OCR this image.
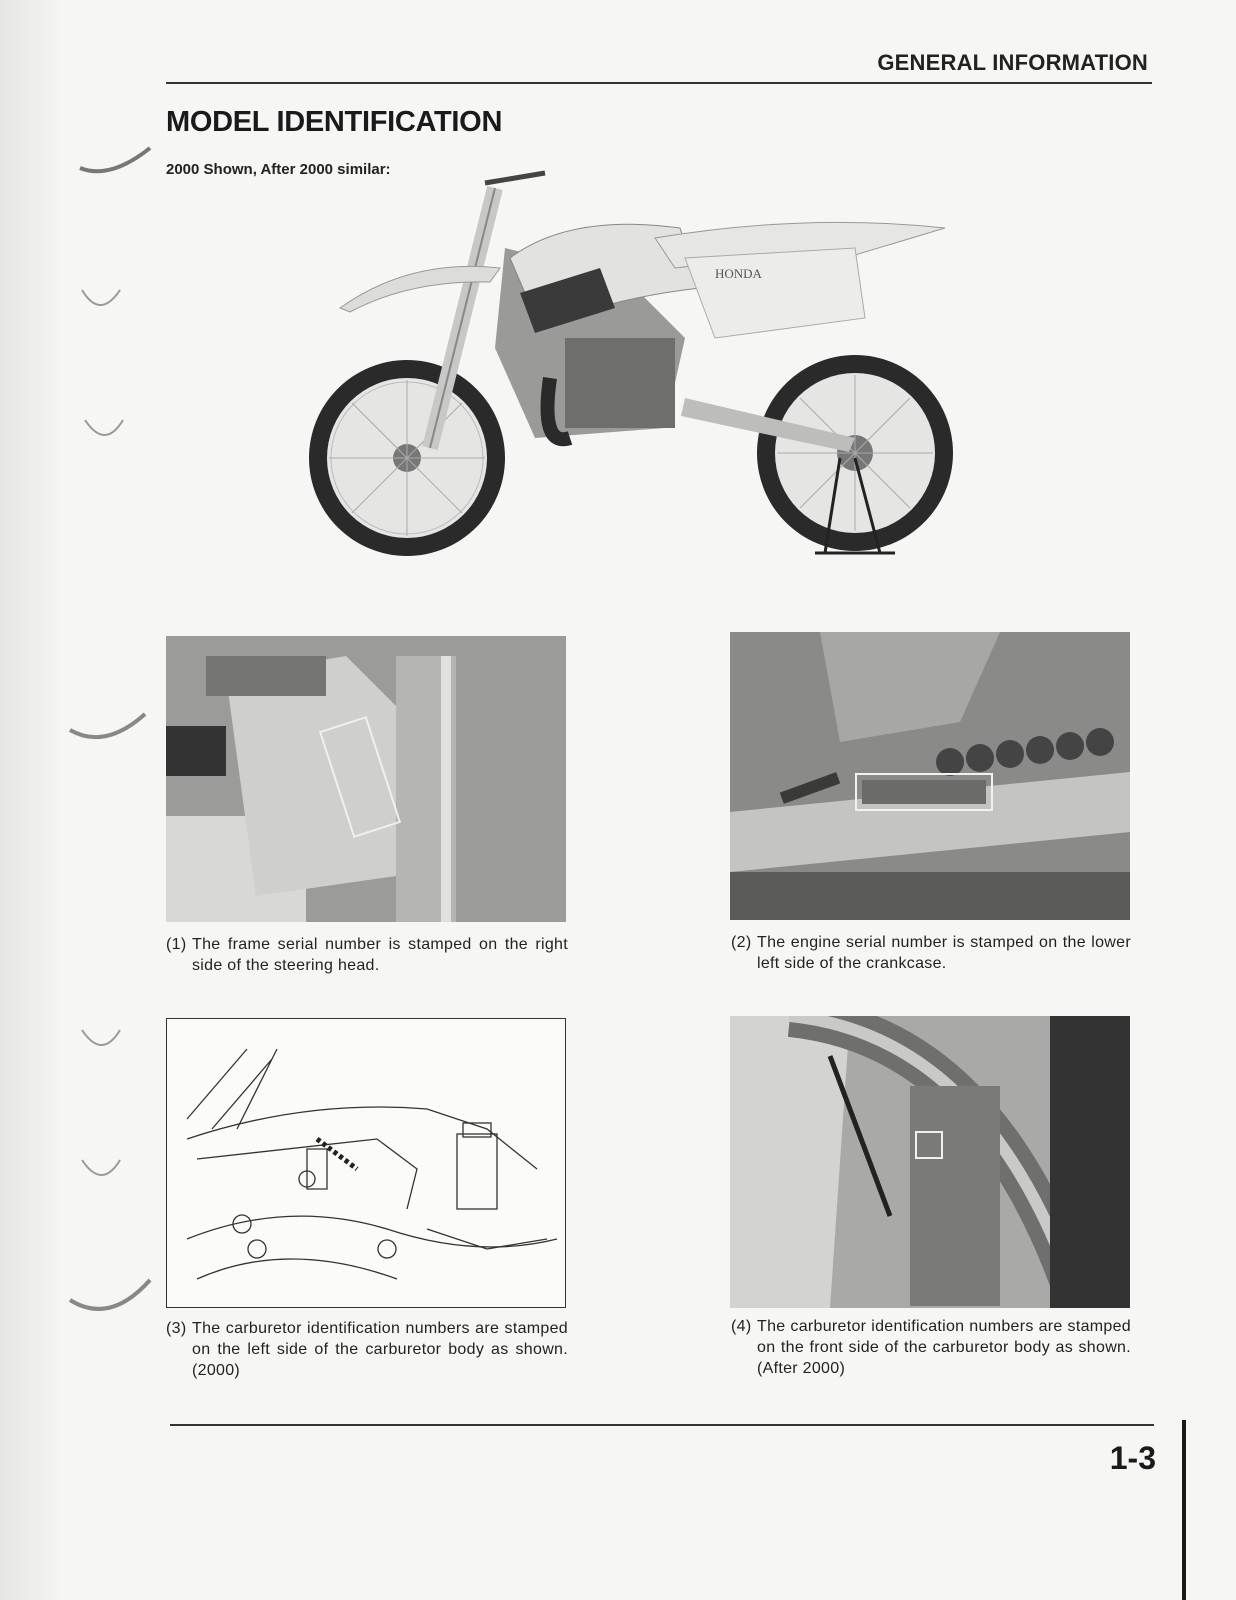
GENERAL INFORMATION
MODEL IDENTIFICATION
2000 Shown, After 2000 similar:
HONDA
(1) The frame serial number is stamped on the right side of the steering head.
(2) The engine serial number is stamped on the lower left side of the crankcase.
(3) The carburetor identification numbers are stamped on the left side of the carburetor body as shown. (2000)
(4) The carburetor identification numbers are stamped on the front side of the carburetor body as shown. (After 2000)
1-3
